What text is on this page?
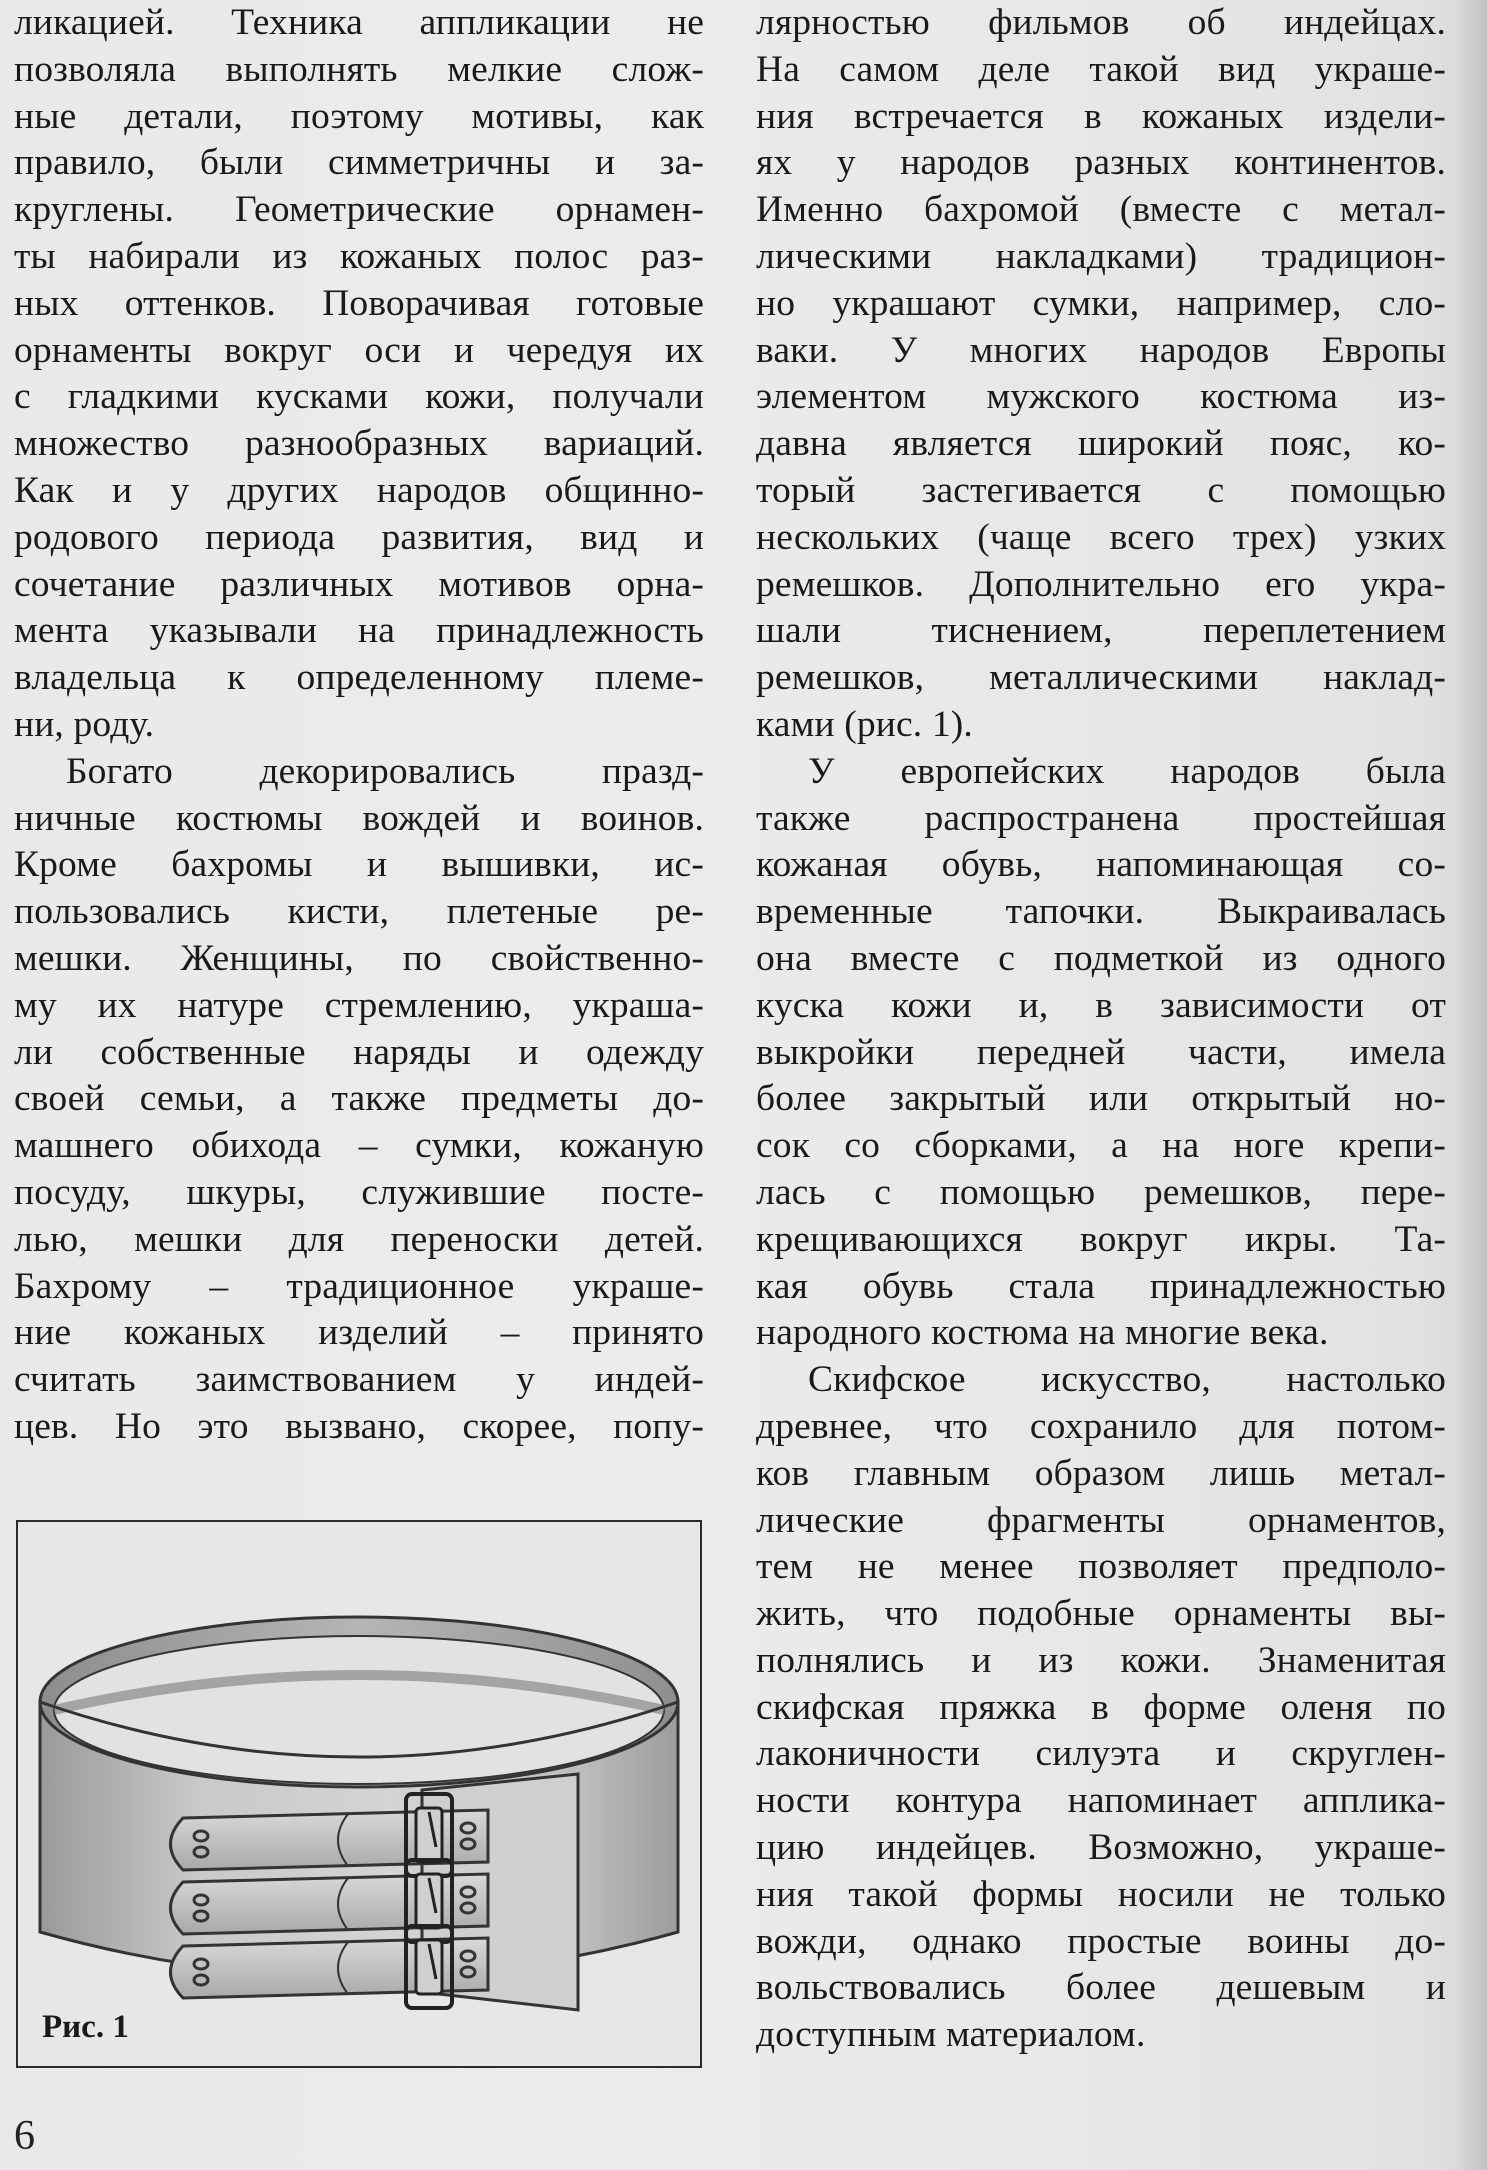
ликацией. Техника аппликации не
позволяла выполнять мелкие слож-
ные детали, поэтому мотивы, как
правило, были симметричны и за-
круглены. Геометрические орнамен-
ты набирали из кожаных полос раз-
ных оттенков. Поворачивая готовые
орнаменты вокруг оси и чередуя их
с гладкими кусками кожи, получали
множество разнообразных вариаций.
Как и у других народов общинно-
родового периода развития, вид и
сочетание различных мотивов орна-
мента указывали на принадлежность
владельца к определенному племе-
ни, роду.
Богато декорировались празд-
ничные костюмы вождей и воинов.
Кроме бахромы и вышивки, ис-
пользовались кисти, плетеные ре-
мешки. Женщины, по свойственно-
му их натуре стремлению, украша-
ли собственные наряды и одежду
своей семьи, а также предметы до-
машнего обихода – сумки, кожаную
посуду, шкуры, служившие посте-
лью, мешки для переноски детей.
Бахрому – традиционное украше-
ние кожаных изделий – принято
считать заимствованием у индей-
цев. Но это вызвано, скорее, попу-
лярностью фильмов об индейцах.
На самом деле такой вид украше-
ния встречается в кожаных издели-
ях у народов разных континентов.
Именно бахромой (вместе с метал-
лическими накладками) традицион-
но украшают сумки, например, сло-
ваки. У многих народов Европы
элементом мужского костюма из-
давна является широкий пояс, ко-
торый застегивается с помощью
нескольких (чаще всего трех) узких
ремешков. Дополнительно его укра-
шали тиснением, переплетением
ремешков, металлическими наклад-
ками (рис. 1).
У европейских народов была
также распространена простейшая
кожаная обувь, напоминающая со-
временные тапочки. Выкраивалась
она вместе с подметкой из одного
куска кожи и, в зависимости от
выкройки передней части, имела
более закрытый или открытый но-
сок со сборками, а на ноге крепи-
лась с помощью ремешков, пере-
крещивающихся вокруг икры. Та-
кая обувь стала принадлежностью
народного костюма на многие века.
Скифское искусство, настолько
древнее, что сохранило для потом-
ков главным образом лишь метал-
лические фрагменты орнаментов,
тем не менее позволяет предполо-
жить, что подобные орнаменты вы-
полнялись и из кожи. Знаменитая
скифская пряжка в форме оленя по
лаконичности силуэта и скруглен-
ности контура напоминает апплика-
цию индейцев. Возможно, украше-
ния такой формы носили не только
вожди, однако простые воины до-
вольствовались более дешевым и
доступным материалом.
Рис. 1
6
